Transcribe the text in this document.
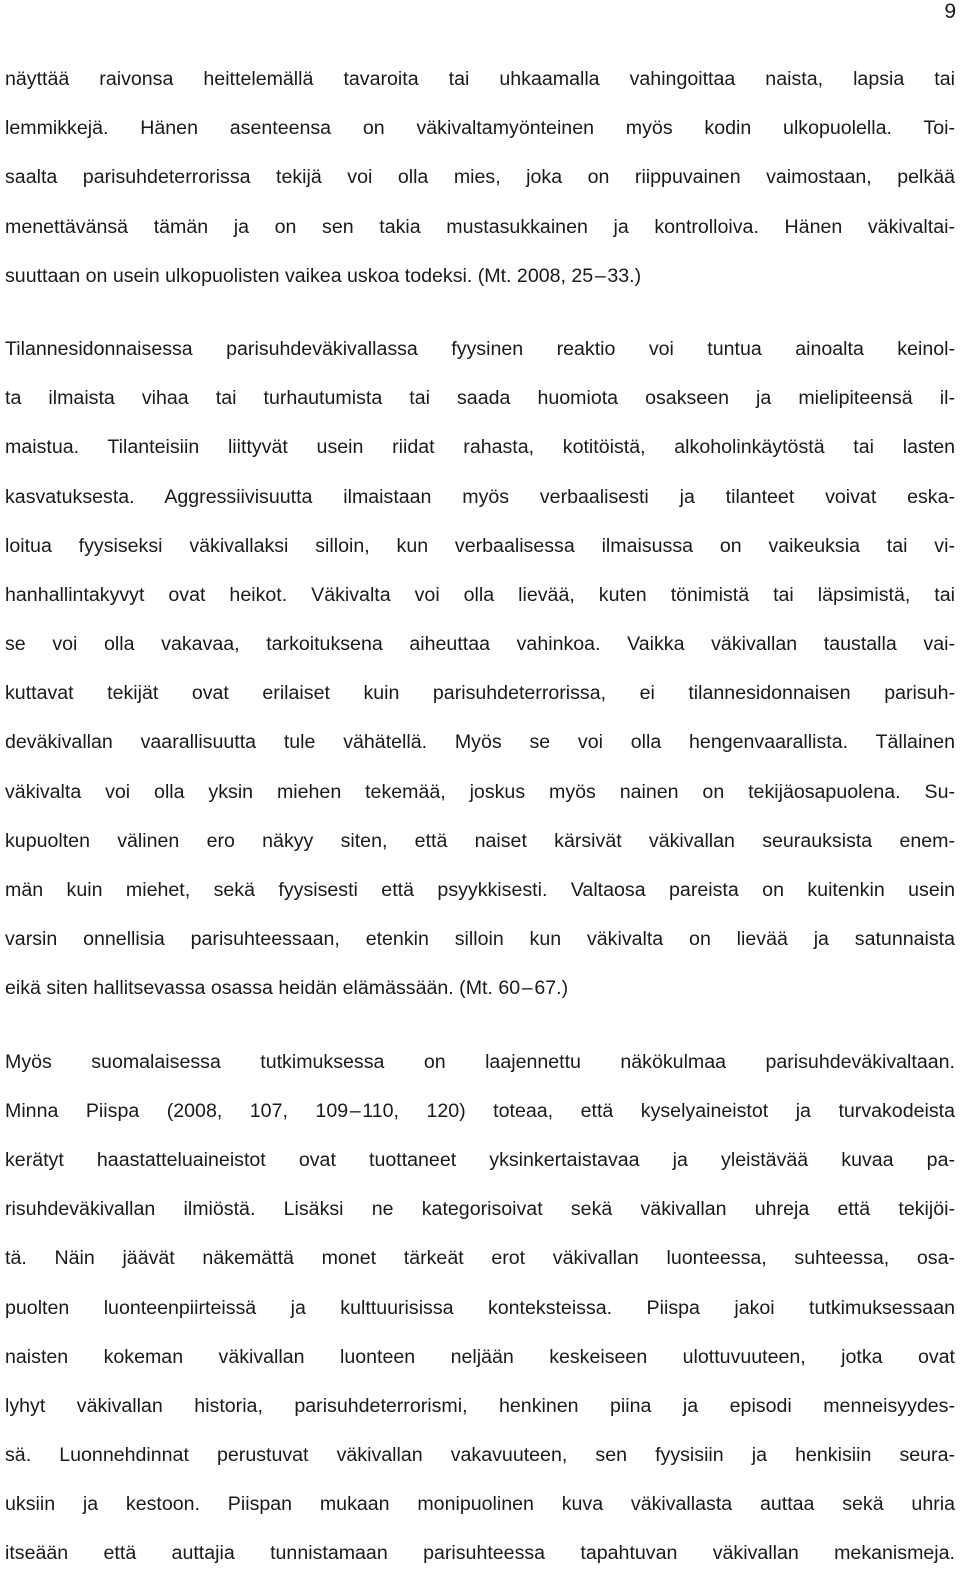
9
näyttää raivonsa heittelemällä tavaroita tai uhkaamalla vahingoittaa naista, lapsia tai
lemmikkejä. Hänen asenteensa on väkivaltamyönteinen myös kodin ulkopuolella. Toi-
saalta parisuhdeterrorissa tekijä voi olla mies, joka on riippuvainen vaimostaan, pelkää
menettävänsä tämän ja on sen takia mustasukkainen ja kontrolloiva. Hänen väkivaltai-
suuttaan on usein ulkopuolisten vaikea uskoa todeksi. (Mt. 2008, 25 – 33.)
Tilannesidonnaisessa parisuhdeväkivallassa fyysinen reaktio voi tuntua ainoalta keinol-
ta ilmaista vihaa tai turhautumista tai saada huomiota osakseen ja mielipiteensä il-
maistua. Tilanteisiin liittyvät usein riidat rahasta, kotitöistä, alkoholinkäytöstä tai lasten
kasvatuksesta. Aggressiivisuutta ilmaistaan myös verbaalisesti ja tilanteet voivat eska-
loitua fyysiseksi väkivallaksi silloin, kun verbaalisessa ilmaisussa on vaikeuksia tai vi-
hanhallintakyvyt ovat heikot. Väkivalta voi olla lievää, kuten tönimistä tai läpsimistä, tai
se voi olla vakavaa, tarkoituksena aiheuttaa vahinkoa. Vaikka väkivallan taustalla vai-
kuttavat tekijät ovat erilaiset kuin parisuhdeterrorissa, ei tilannesidonnaisen parisuh-
deväkivallan vaarallisuutta tule vähätellä. Myös se voi olla hengenvaarallista. Tällainen
väkivalta voi olla yksin miehen tekemää, joskus myös nainen on tekijäosapuolena. Su-
kupuolten välinen ero näkyy siten, että naiset kärsivät väkivallan seurauksista enem-
män kuin miehet, sekä fyysisesti että psyykkisesti. Valtaosa pareista on kuitenkin usein
varsin onnellisia parisuhteessaan, etenkin silloin kun väkivalta on lievää ja satunnaista
eikä siten hallitsevassa osassa heidän elämässään. (Mt. 60 – 67.)
Myös suomalaisessa tutkimuksessa on laajennettu näkökulmaa parisuhdeväkivaltaan.
Minna Piispa (2008, 107, 109 – 110, 120) toteaa, että kyselyaineistot ja turvakodeista
kerätyt haastatteluaineistot ovat tuottaneet yksinkertaistavaa ja yleistävää kuvaa pa-
risuhdeväkivallan ilmiöstä. Lisäksi ne kategorisoivat sekä väkivallan uhreja että tekijöi-
tä. Näin jäävät näkemättä monet tärkeät erot väkivallan luonteessa, suhteessa, osa-
puolten luonteenpiirteissä ja kulttuurisissa konteksteissa. Piispa jakoi tutkimuksessaan
naisten kokeman väkivallan luonteen neljään keskeiseen ulottuvuuteen, jotka ovat
lyhyt väkivallan historia, parisuhdeterrorismi, henkinen piina ja episodi menneisyydes-
sä. Luonnehdinnat perustuvat väkivallan vakavuuteen, sen fyysisiin ja henkisiin seura-
uksiin ja kestoon. Piispan mukaan monipuolinen kuva väkivallasta auttaa sekä uhria
itseään että auttajia tunnistamaan parisuhteessa tapahtuvan väkivallan mekanismeja.
